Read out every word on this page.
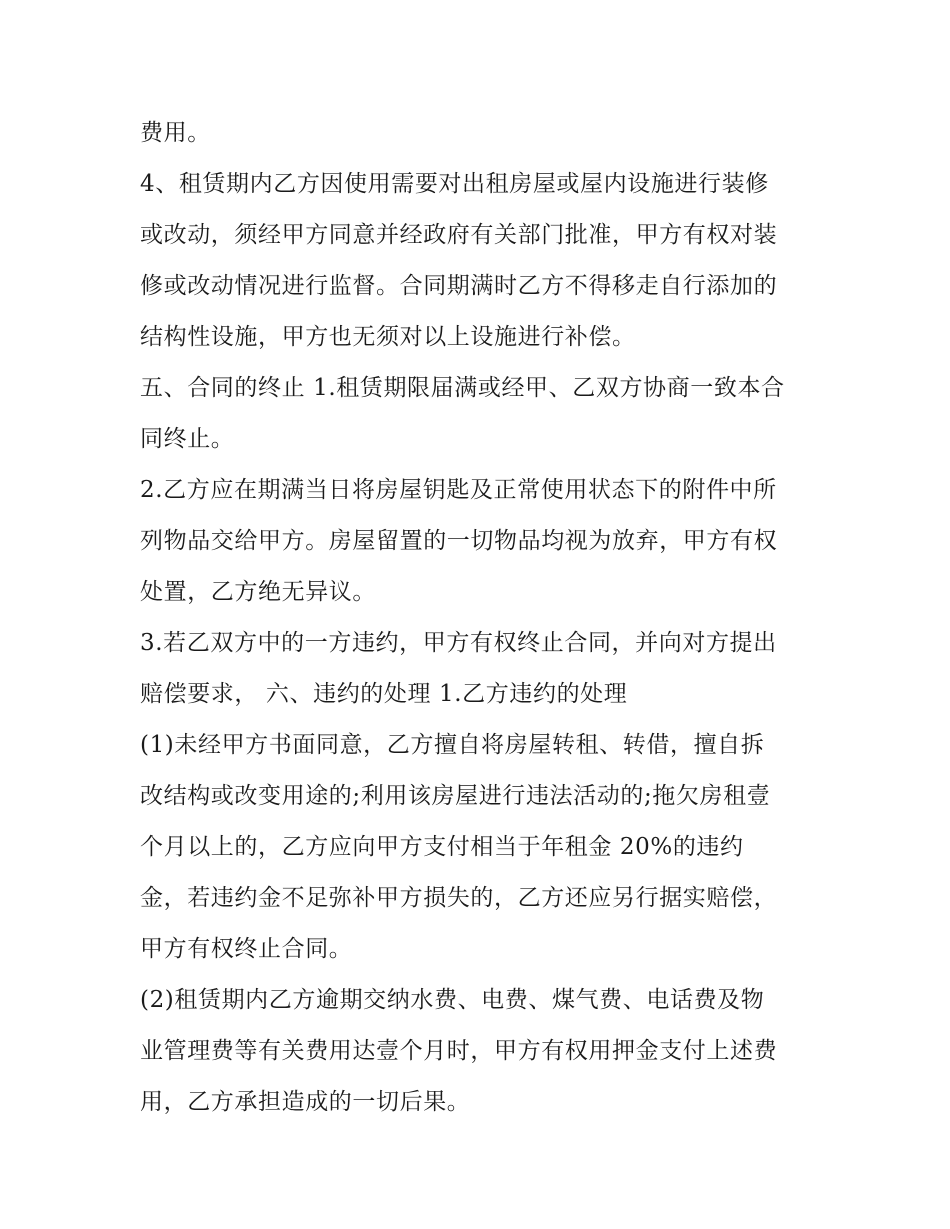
费用。
4、租赁期内乙方因使用需要对出租房屋或屋内设施进行装修
或改动，须经甲方同意并经政府有关部门批准，甲方有权对装
修或改动情况进行监督。合同期满时乙方不得移走自行添加的
结构性设施，甲方也无须对以上设施进行补偿。
五、合同的终止 1.租赁期限届满或经甲、乙双方协商一致本合
同终止。
2.乙方应在期满当日将房屋钥匙及正常使用状态下的附件中所
列物品交给甲方。房屋留置的一切物品均视为放弃，甲方有权
处置，乙方绝无异议。
3.若乙双方中的一方违约，甲方有权终止合同，并向对方提出
赔偿要求， 六、违约的处理 1.乙方违约的处理
(1)未经甲方书面同意，乙方擅自将房屋转租、转借，擅自拆
改结构或改变用途的;利用该房屋进行违法活动的;拖欠房租壹
个月以上的，乙方应向甲方支付相当于年租金 20%的违约
金，若违约金不足弥补甲方损失的，乙方还应另行据实赔偿，
甲方有权终止合同。
(2)租赁期内乙方逾期交纳水费、电费、煤气费、电话费及物
业管理费等有关费用达壹个月时，甲方有权用押金支付上述费
用，乙方承担造成的一切后果。
